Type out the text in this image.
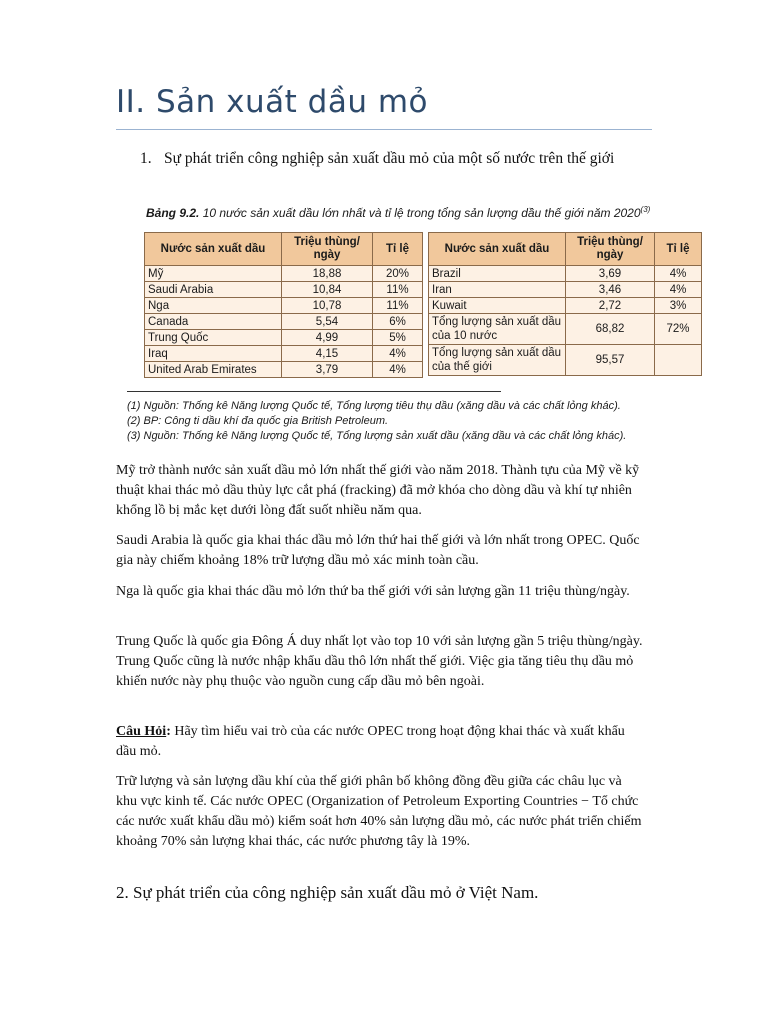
II. Sản xuất dầu mỏ
1. Sự phát triển công nghiệp sản xuất dầu mỏ của một số nước trên thế giới
Bảng 9.2. 10 nước sản xuất dầu lớn nhất và tỉ lệ trong tổng sản lượng dầu thế giới năm 2020$^{(3)}$
Nước sản xuất dầu	Triệu thùng/ ngày	Tỉ lệ
Mỹ	18,88	20%
Saudi Arabia	10,84	11%
Nga	10,78	11%
Canada	5,54	6%
Trung Quốc	4,99	5%
Iraq	4,15	4%
United Arab Emirates	3,79	4%
Nước sản xuất dầu	Triệu thùng/ ngày	Tỉ lệ
Brazil	3,69	4%
Iran	3,46	4%
Kuwait	2,72	3%
Tổng lượng sản xuất dầu của 10 nước	68,82	72%
Tổng lượng sản xuất dầu của thế giới	95,57	
(1) Nguồn: Thống kê Năng lượng Quốc tế, Tổng lượng tiêu thụ dầu (xăng dầu và các chất lỏng khác).
(2) BP: Công ti dầu khí đa quốc gia British Petroleum.
(3) Nguồn: Thống kê Năng lượng Quốc tế, Tổng lượng sản xuất dầu (xăng dầu và các chất lỏng khác).

Mỹ trở thành nước sản xuất dầu mỏ lớn nhất thế giới vào năm 2018. Thành tựu của Mỹ về kỹ thuật khai thác mỏ dầu thủy lực cắt phá (fracking) đã mở khóa cho dòng dầu và khí tự nhiên khổng lồ bị mắc kẹt dưới lòng đất suốt nhiều năm qua.

Saudi Arabia là quốc gia khai thác dầu mỏ lớn thứ hai thế giới và lớn nhất trong OPEC. Quốc gia này chiếm khoảng 18% trữ lượng dầu mỏ xác minh toàn cầu.

Nga là quốc gia khai thác dầu mỏ lớn thứ ba thế giới với sản lượng gần 11 triệu thùng/ngày.

Trung Quốc là quốc gia Đông Á duy nhất lọt vào top 10 với sản lượng gần 5 triệu thùng/ngày. Trung Quốc cũng là nước nhập khẩu dầu thô lớn nhất thế giới. Việc gia tăng tiêu thụ dầu mỏ khiến nước này phụ thuộc vào nguồn cung cấp dầu mỏ bên ngoài.

Câu Hỏi: Hãy tìm hiểu vai trò của các nước OPEC trong hoạt động khai thác và xuất khẩu dầu mỏ.

Trữ lượng và sản lượng dầu khí của thế giới phân bố không đồng đều giữa các châu lục và khu vực kinh tế. Các nước OPEC (Organization of Petroleum Exporting Countries − Tổ chức các nước xuất khẩu dầu mỏ) kiểm soát hơn 40% sản lượng dầu mỏ, các nước phát triển chiếm khoảng 70% sản lượng khai thác, các nước phương tây là 19%.

2. Sự phát triển của công nghiệp sản xuất dầu mỏ ở Việt Nam.
